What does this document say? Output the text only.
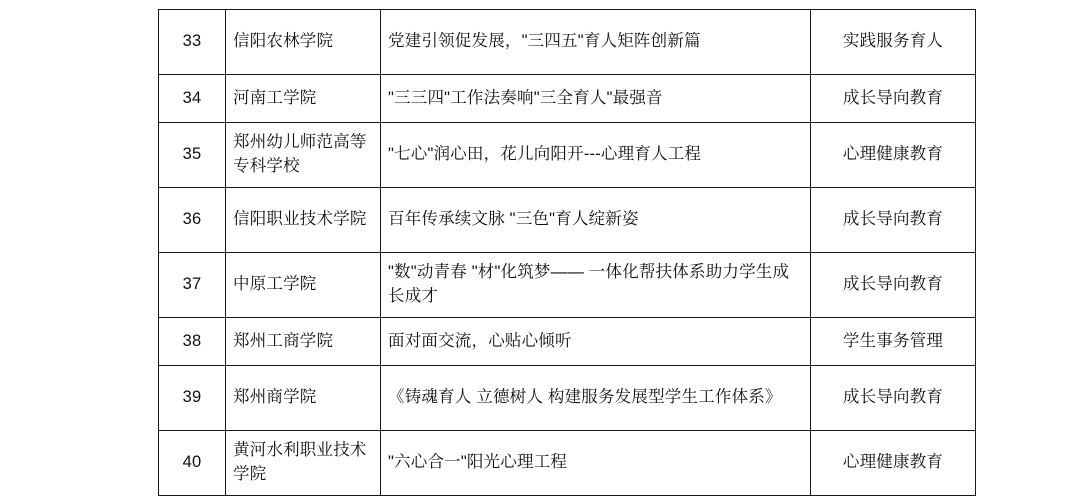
33	信阳农林学院	党建引领促发展，"三四五"育人矩阵创新篇	实践服务育人
34	河南工学院	"三三四"工作法奏响"三全育人"最强音	成长导向教育
35	郑州幼儿师范高等专科学校	"七心"润心田，花儿向阳开---心理育人工程	心理健康教育
36	信阳职业技术学院	百年传承续文脉 "三色"育人绽新姿	成长导向教育
37	中原工学院	"数"动青春 "材"化筑梦—— 一体化帮扶体系助力学生成长成才	成长导向教育
38	郑州工商学院	面对面交流，心贴心倾听	学生事务管理
39	郑州商学院	《铸魂育人 立德树人 构建服务发展型学生工作体系》	成长导向教育
40	黄河水利职业技术学院	"六心合一"阳光心理工程	心理健康教育
